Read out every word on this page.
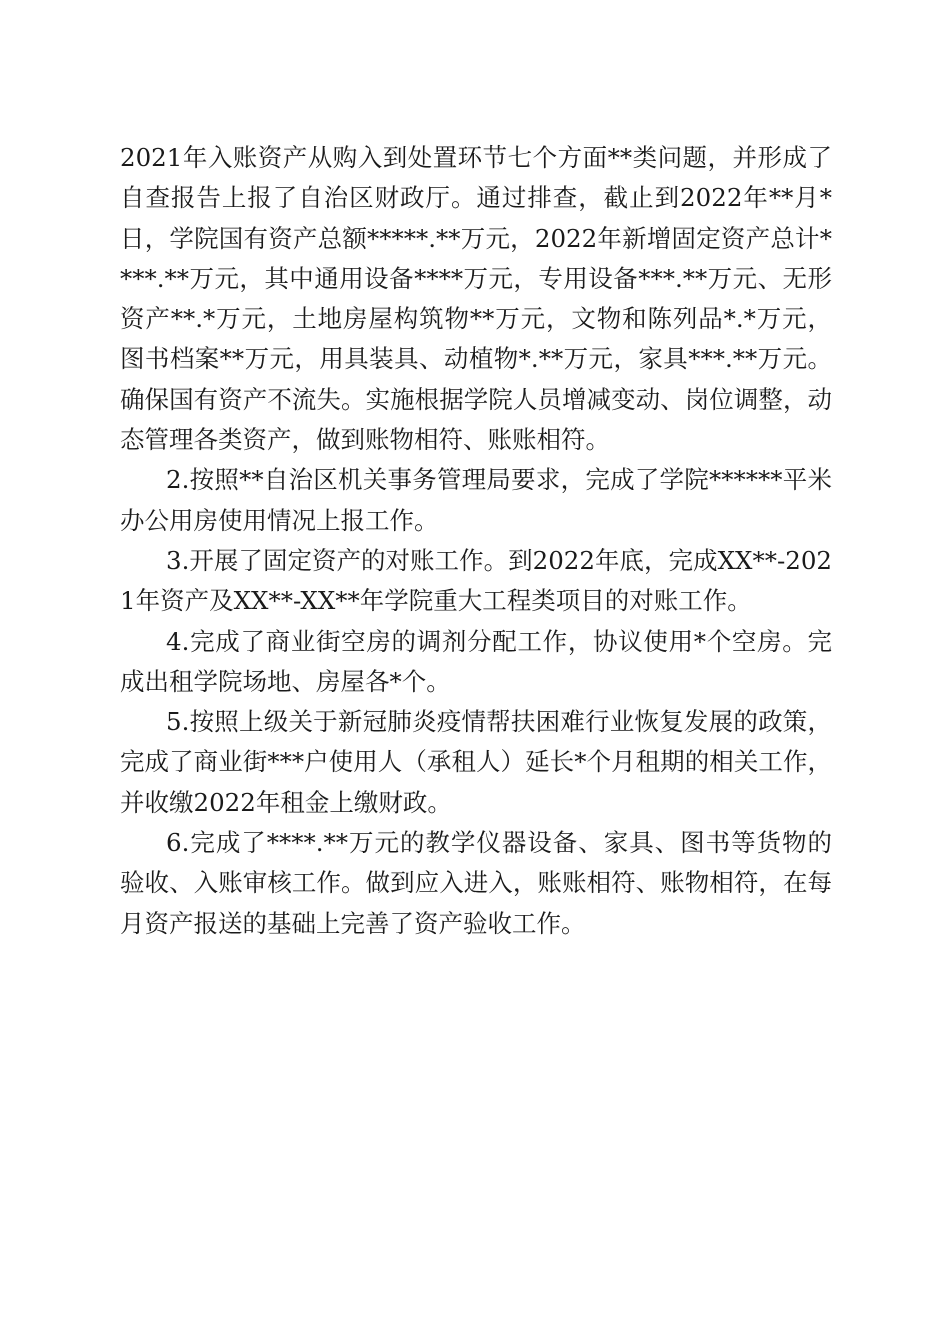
2021年入账资产从购入到处置环节七个方面**类问题，并形成了自查报告上报了自治区财政厅。通过排查，截止到2022年**月*日，学院国有资产总额*****.**万元，2022年新增固定资产总计****.**万元，其中通用设备****万元，专用设备***.**万元、无形资产**.*万元，土地房屋构筑物**万元，文物和陈列品*.*万元，图书档案**万元，用具装具、动植物*.**万元，家具***.**万元。确保国有资产不流失。实施根据学院人员增减变动、岗位调整，动态管理各类资产，做到账物相符、账账相符。

2.按照**自治区机关事务管理局要求，完成了学院******平米办公用房使用情况上报工作。

3.开展了固定资产的对账工作。到2022年底，完成XX**-2021年资产及XX**-XX**年学院重大工程类项目的对账工作。

4.完成了商业街空房的调剂分配工作，协议使用*个空房。完成出租学院场地、房屋各*个。

5.按照上级关于新冠肺炎疫情帮扶困难行业恢复发展的政策，完成了商业街***户使用人（承租人）延长*个月租期的相关工作，并收缴2022年租金上缴财政。

6.完成了****.**万元的教学仪器设备、家具、图书等货物的验收、入账审核工作。做到应入进入，账账相符、账物相符，在每月资产报送的基础上完善了资产验收工作。
